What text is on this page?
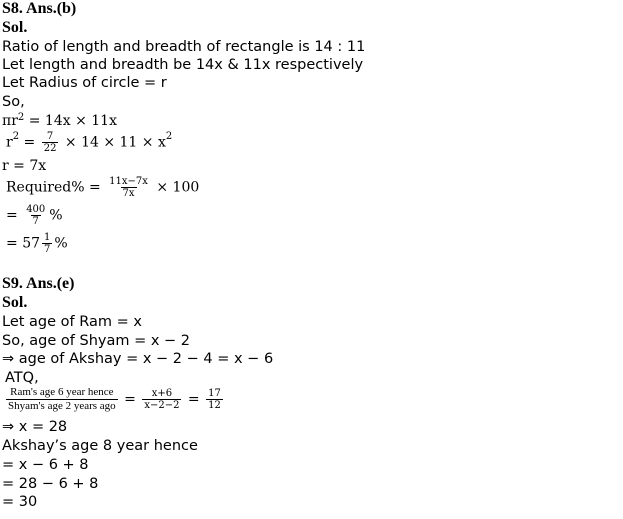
S8. Ans.(b)
Sol.
Ratio of length and breadth of rectangle is 14 : 11
Let length and breadth be 14x & 11x respectively
Let Radius of circle = r
So,
$\pi r^2 = 14x \times 11x$
$r^2 = \frac{7}{22} \times 14 \times 11 \times x^2$
r = 7x
Required% = $\frac{11x-7x}{7x} \times 100$
= $\frac{400}{7}$ %
= $57 \frac{1}{7}$ %
S9. Ans.(e)
Sol.
Let age of Ram = x
So, age of Shyam = x − 2
⇒ age of Akshay = x − 2 − 4 = x − 6
ATQ,
$\frac{\text{Ram's age 6 year hence}}{\text{Shyam's age 2 years ago}} = \frac{x+6}{x-2-2} = \frac{17}{12}$
⇒ x = 28
Akshay’s age 8 year hence
= x − 6 + 8
= 28 − 6 + 8
= 30
